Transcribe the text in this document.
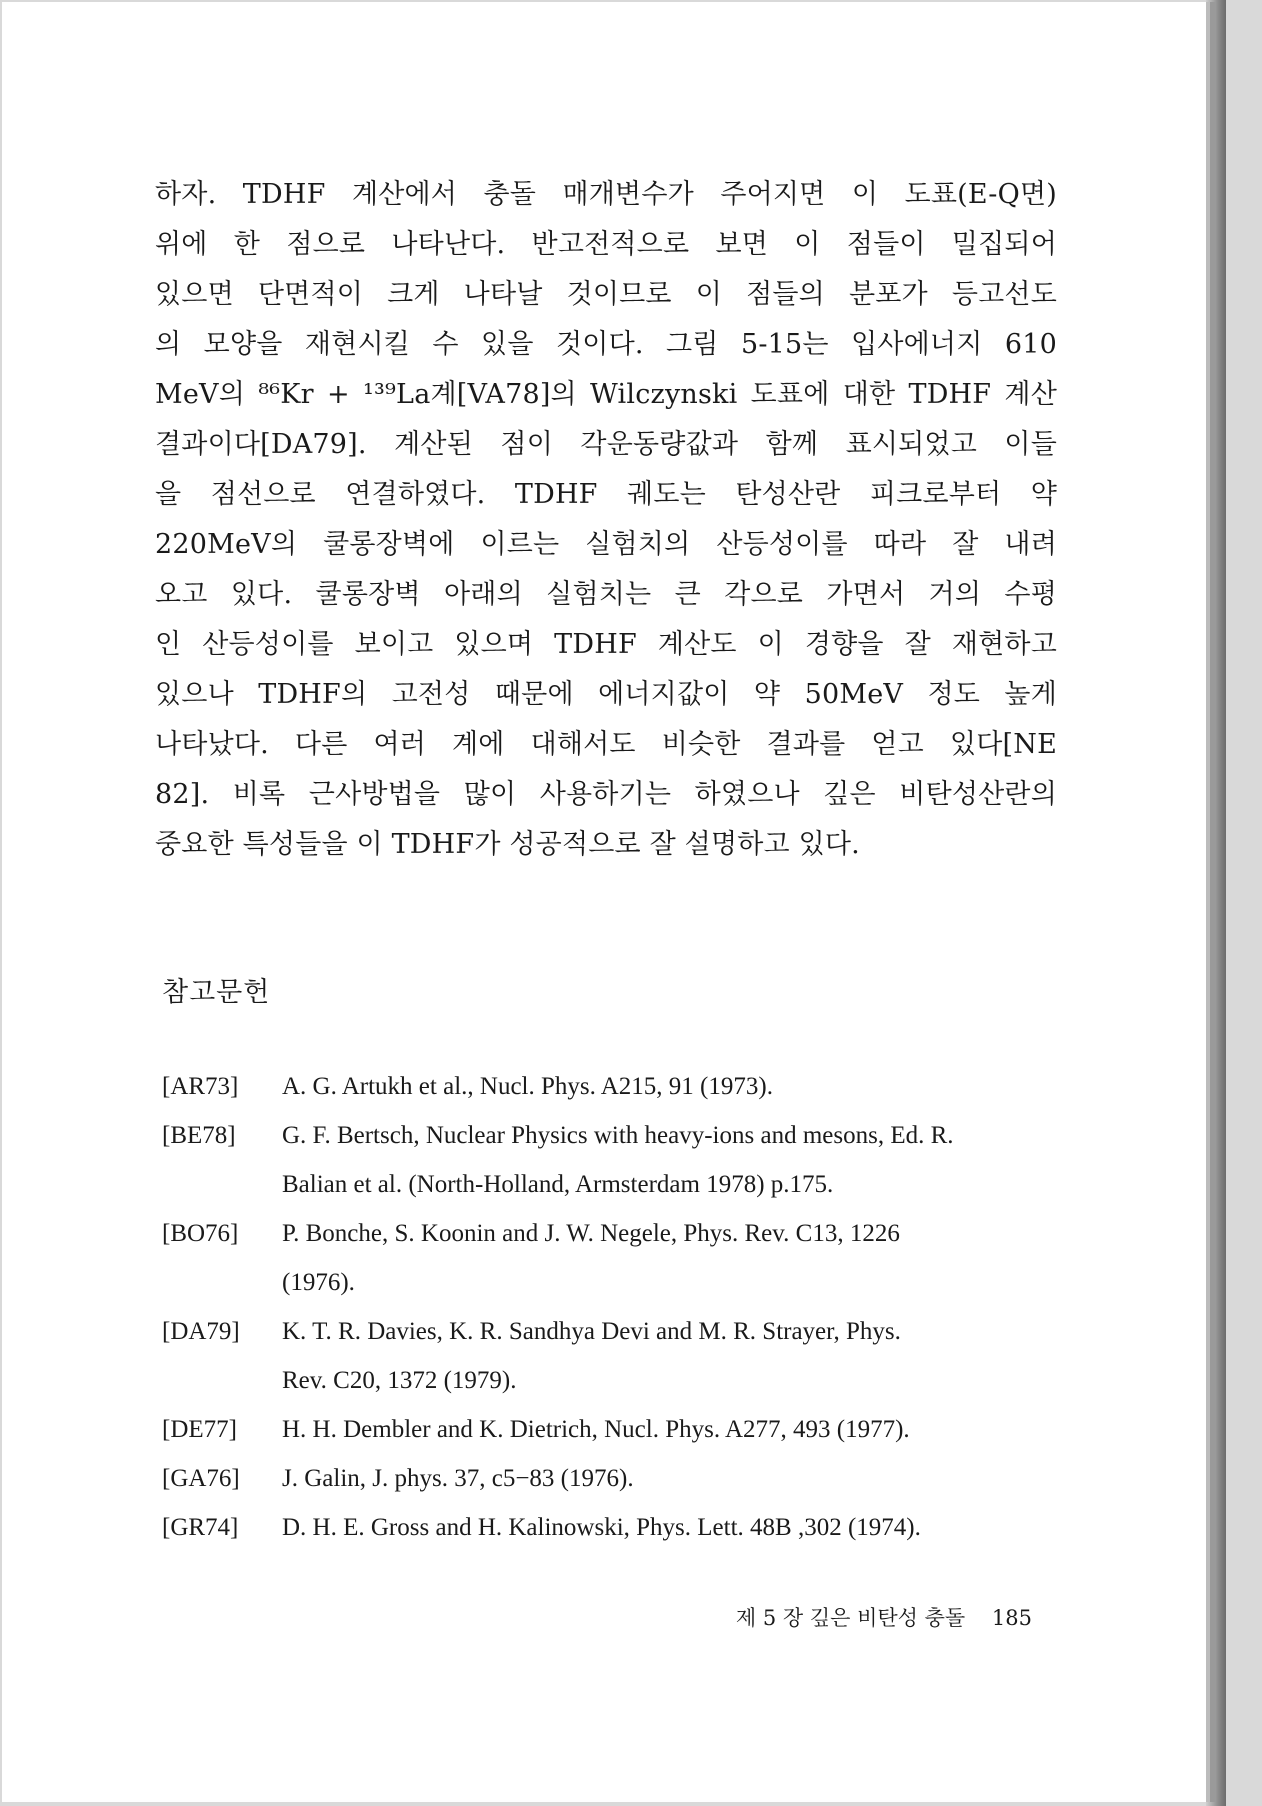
하자. TDHF 계산에서 충돌 매개변수가 주어지면 이 도표(E-Q면)
위에 한 점으로 나타난다. 반고전적으로 보면 이 점들이 밀집되어
있으면 단면적이 크게 나타날 것이므로 이 점들의 분포가 등고선도
의 모양을 재현시킬 수 있을 것이다. 그림 5-15는 입사에너지 610
MeV의 ⁸⁶Kr + ¹³⁹La계[VA78]의 Wilczynski 도표에 대한 TDHF 계산
결과이다[DA79]. 계산된 점이 각운동량값과 함께 표시되었고 이들
을 점선으로 연결하였다. TDHF 궤도는 탄성산란 피크로부터 약
220MeV의 쿨롱장벽에 이르는 실험치의 산등성이를 따라 잘 내려
오고 있다. 쿨롱장벽 아래의 실험치는 큰 각으로 가면서 거의 수평
인 산등성이를 보이고 있으며 TDHF 계산도 이 경향을 잘 재현하고
있으나 TDHF의 고전성 때문에 에너지값이 약 50MeV 정도 높게
나타났다. 다른 여러 계에 대해서도 비슷한 결과를 얻고 있다[NE
82]. 비록 근사방법을 많이 사용하기는 하였으나 깊은 비탄성산란의
중요한 특성들을 이 TDHF가 성공적으로 잘 설명하고 있다.
참고문헌
[AR73]	A. G. Artukh et al., Nucl. Phys. A215, 91 (1973).
[BE78]	G. F. Bertsch, Nuclear Physics with heavy-ions and mesons, Ed. R.
Balian et al. (North-Holland, Armsterdam 1978) p.175.
[BO76]	P. Bonche, S. Koonin and J. W. Negele, Phys. Rev. C13, 1226
(1976).
[DA79]	K. T. R. Davies, K. R. Sandhya Devi and M. R. Strayer, Phys.
Rev. C20, 1372 (1979).
[DE77]	H. H. Dembler and K. Dietrich, Nucl. Phys. A277, 493 (1977).
[GA76]	J. Galin, J. phys. 37, c5−83 (1976).
[GR74]	D. H. E. Gross and H. Kalinowski, Phys. Lett. 48B ,302 (1974).
제 5 장 깊은 비탄성 충돌 185
